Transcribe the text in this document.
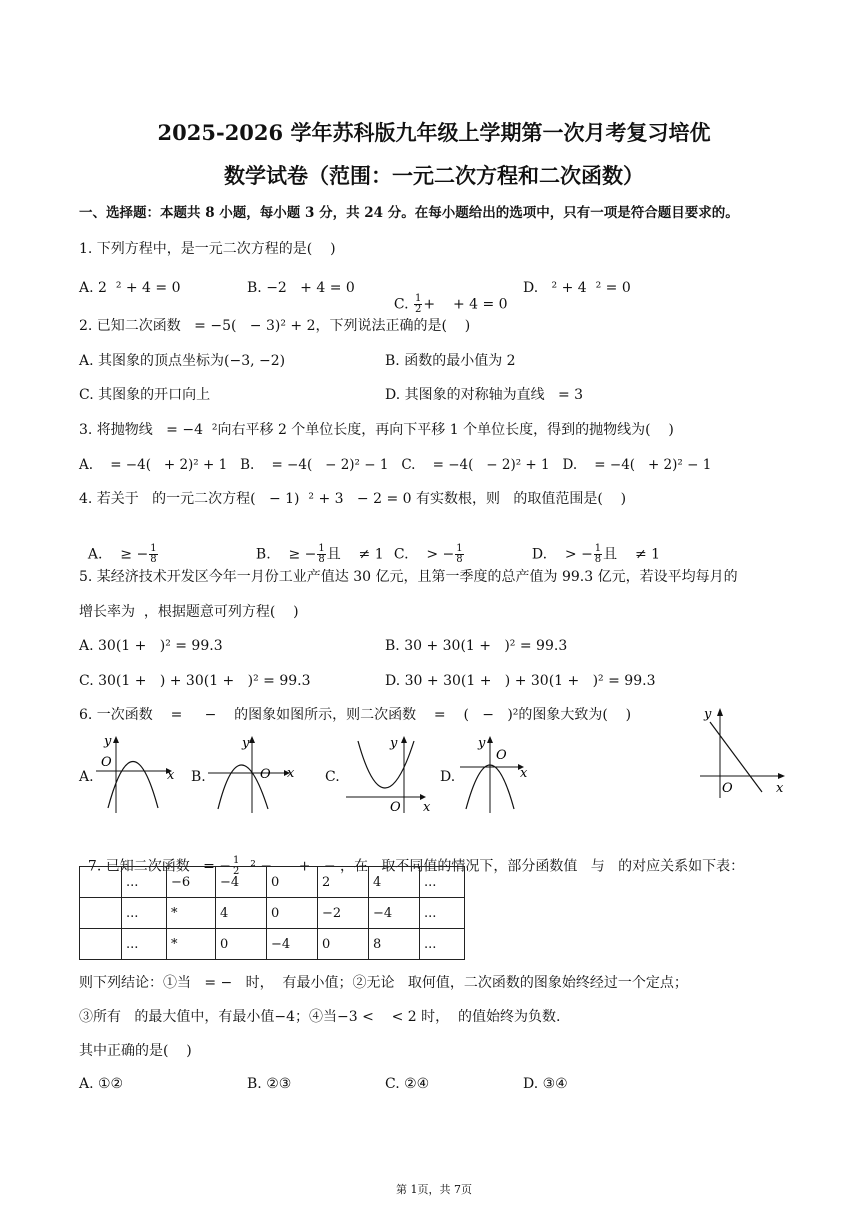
2025-2026 学年苏科版九年级上学期第一次月考复习培优
数学试卷（范围：一元二次方程和二次函数）
一、选择题：本题共 8 小题，每小题 3 分，共 24 分。在每小题给出的选项中，只有一项是符合题目要求的。
1. 下列方程中，是一元二次方程的是(    )
A. 2  ² + 4 = 0	B. −2   + 4 = 0

C. $\frac{1}{2}$ +    + 4 = 0

D.   ² + 4  ² = 0
2. 已知二次函数   = −5(   − 3)² + 2，下列说法正确的是(    )
A. 其图象的顶点坐标为(−3, −2)	B. 函数的最小值为 2
C. 其图象的开口向上	D. 其图象的对称轴为直线   = 3
3. 将抛物线   = −4  ²向右平移 2 个单位长度，再向下平移 1 个单位长度，得到的抛物线为(    )
A.    = −4(   + 2)² + 1   B.    = −4(   − 2)² − 1   C.    = −4(   − 2)² + 1   D.    = −4(   + 2)² − 1
4. 若关于   的一元二次方程(   − 1)  ² + 3   − 2 = 0 有实数根，则   的取值范围是(    )

A.    ≥ − $\frac{1}{8}$	B.    ≥ − $\frac{1}{8}$ 且    ≠ 1 C.    > − $\frac{1}{8}$	D.    > − $\frac{1}{8}$ 且    ≠ 1

5. 某经济技术开发区今年一月份工业产值达 30 亿元，且第一季度的总产值为 99.3 亿元，若设平均每月的
增长率为  ，根据题意可列方程(    )
A. 30(1 +   )² = 99.3	B. 30 + 30(1 +   )² = 99.3
C. 30(1 +   ) + 30(1 +   )² = 99.3	D. 30 + 30(1 +   ) + 30(1 +   )² = 99.3
6. 一次函数    =     −    的图象如图所示，则二次函数    =    (   −   )²的图象大致为(    )
A.
y
x
O
B.
y
x
O	C.
y
x
O
D.
y
x
O
y
x
O

7. 已知二次函数   = − $\frac{1}{2} ^2$ −      +   − ，在   取不同值的情况下，部分函数值   与   的对应关系如下表：

	...	−6	−4	0	2	4	...
	...	*	4	0	−2	−4	...
	...	*	0	−4	0	8	...
则下列结论：①当   = −   时，  有最小值；②无论   取何值，二次函数的图象始终经过一个定点；
③所有   的最大值中，有最小值−4；④当−3 <    < 2 时，  的值始终为负数.
其中正确的是(    )
A. ①②	B. ②③	C. ②④	D. ③④
第 1页，共 7页
